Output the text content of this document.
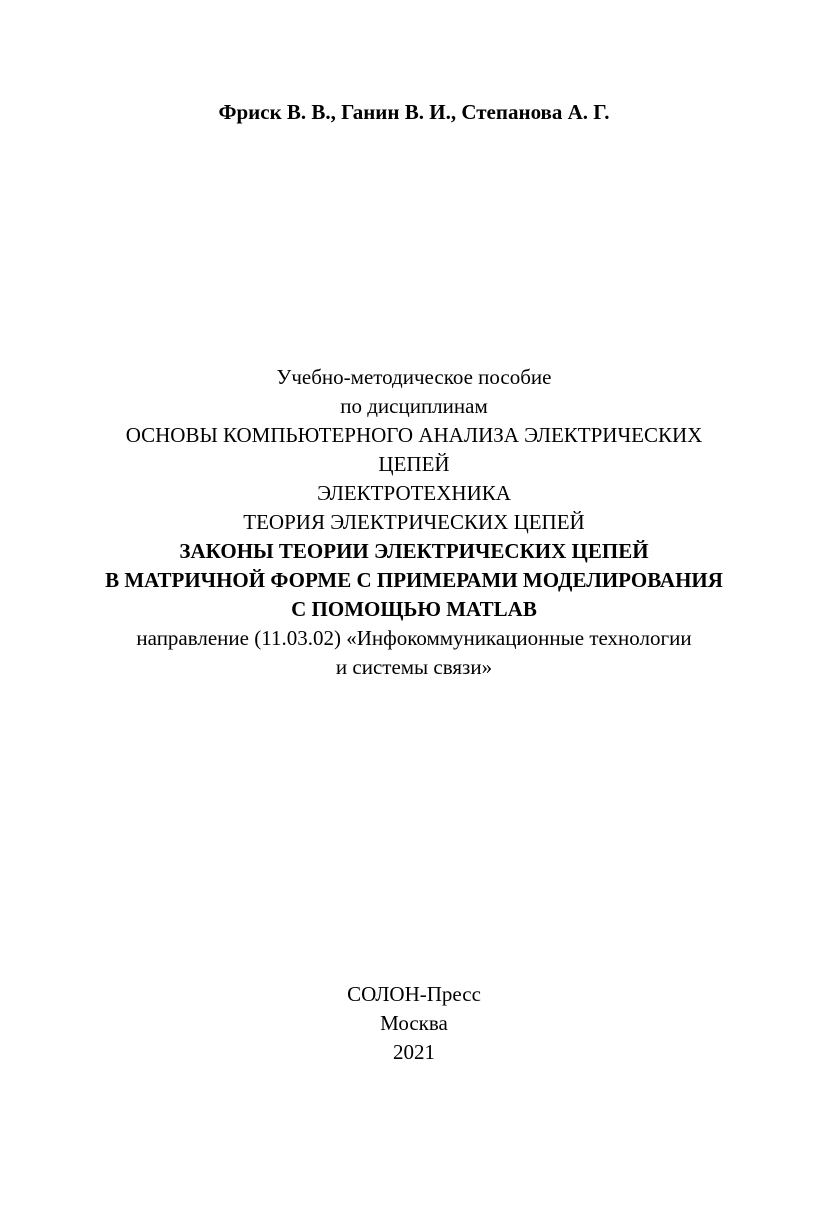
Фриск В. В., Ганин В. И., Степанова А. Г.
Учебно-методическое пособие
по дисциплинам
ОСНОВЫ КОМПЬЮТЕРНОГО АНАЛИЗА ЭЛЕКТРИЧЕСКИХ
ЦЕПЕЙ
ЭЛЕКТРОТЕХНИКА
ТЕОРИЯ ЭЛЕКТРИЧЕСКИХ ЦЕПЕЙ
ЗАКОНЫ ТЕОРИИ ЭЛЕКТРИЧЕСКИХ ЦЕПЕЙ
В МАТРИЧНОЙ ФОРМЕ С ПРИМЕРАМИ МОДЕЛИРОВАНИЯ
С ПОМОЩЬЮ MATLAB
направление (11.03.02) «Инфокоммуникационные технологии
и системы связи»
СОЛОН-Пресс
Москва
2021
